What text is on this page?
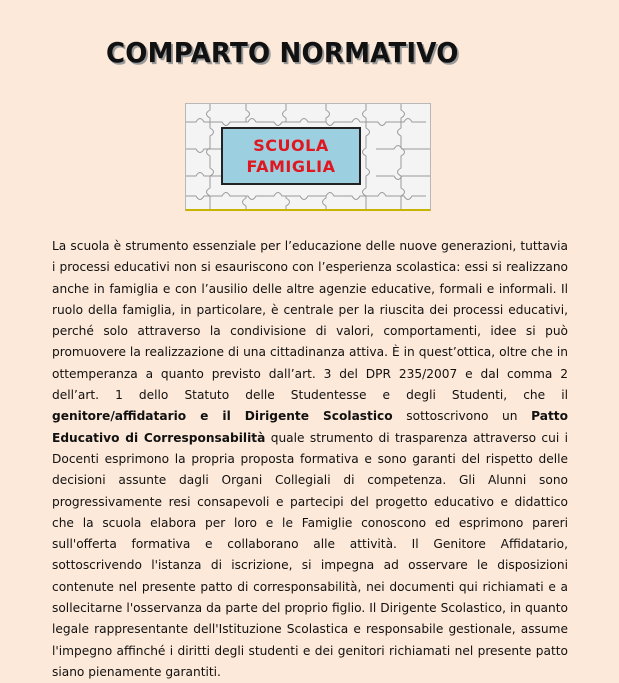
COMPARTO NORMATIVO
SCUOLA
FAMIGLIA

La scuola è strumento essenziale per l’educazione delle nuove generazioni, tuttavia i processi educativi non si esauriscono con l’esperienza scolastica: essi si realizzano anche in famiglia e con l’ausilio delle altre agenzie educative, formali e informali. Il ruolo della famiglia, in particolare, è centrale per la riuscita dei processi educativi, perché solo attraverso la condivisione di valori, comportamenti, idee si può promuovere la realizzazione di una cittadinanza attiva. È in quest’ottica, oltre che in ottemperanza a quanto previsto dall’art. 3 del DPR 235/2007 e dal comma 2 dell’art. 1 dello Statuto delle Studentesse e degli Studenti, che il genitore/affidatario e il Dirigente Scolastico sottoscrivono un Patto Educativo di Corresponsabilità quale strumento di trasparenza attraverso cui i Docenti esprimono la propria proposta formativa e sono garanti del rispetto delle decisioni assunte dagli Organi Collegiali di competenza. Gli Alunni sono progressivamente resi consapevoli e partecipi del progetto educativo e didattico che la scuola elabora per loro e le Famiglie conoscono ed esprimono pareri sull'offerta formativa e collaborano alle attività. Il Genitore Affidatario, sottoscrivendo l'istanza di iscrizione, si impegna ad osservare le disposizioni contenute nel presente patto di corresponsabilità, nei documenti qui richiamati e a sollecitarne l'osservanza da parte del proprio figlio. Il Dirigente Scolastico, in quanto legale rappresentante dell'Istituzione Scolastica e responsabile gestionale, assume l'impegno affinché i diritti degli studenti e dei genitori richiamati nel presente patto siano pienamente garantiti.
